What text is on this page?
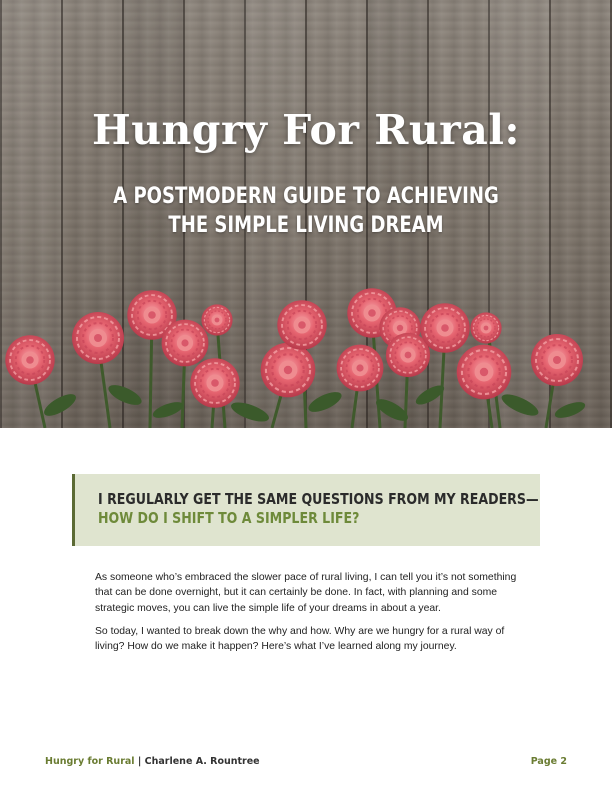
Hungry For Rural:
A POSTMODERN GUIDE TO ACHIEVING
THE SIMPLE LIVING DREAM
I REGULARLY GET THE SAME QUESTIONS FROM MY READERS—
HOW DO I SHIFT TO A SIMPLER LIFE?

As someone who’s embraced the slower pace of rural living, I can tell you it’s not something that can be done overnight, but it can certainly be done. In fact, with planning and some strategic moves, you can live the simple life of your dreams in about a year.

So today, I wanted to break down the why and how. Why are we hungry for a rural way of living? How do we make it happen? Here’s what I’ve learned along my journey.

Hungry for Rural | Charlene A. Rountree	Page 2
